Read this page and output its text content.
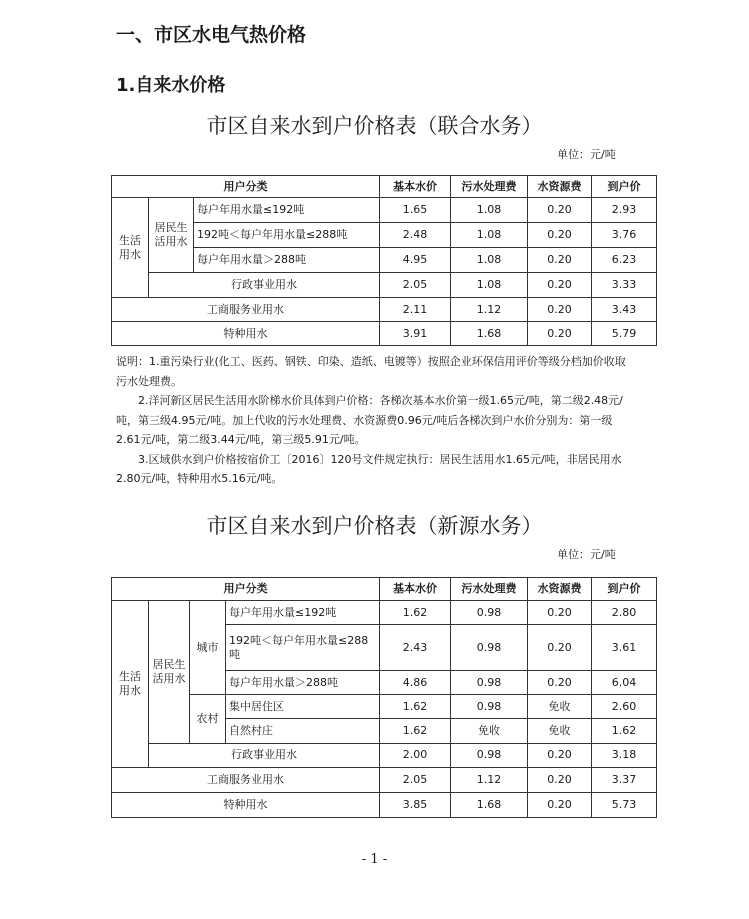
一、市区水电气热价格
1.自来水价格
市区自来水到户价格表（联合水务）
单位：元/吨
用户分类			基本水价	污水处理费	水资源费	到户价
生活用水	居民生活用水	每户年用水量≤192吨	1.65	1.08	0.20	2.93
		192吨＜每户年用水量≤288吨	2.48	1.08	0.20	3.76
		每户年用水量＞288吨	4.95	1.08	0.20	6.23
	行政事业用水		2.05	1.08	0.20	3.33
工商服务业用水			2.11	1.12	0.20	3.43
特种用水			3.91	1.68	0.20	5.79

说明：1.重污染行业(化工、医药、钢铁、印染、造纸、电镀等）按照企业环保信用评价等级分档加价收取污水处理费。

2.洋河新区居民生活用水阶梯水价具体到户价格：各梯次基本水价第一级1.65元/吨，第二级2.48元/吨，第三级4.95元/吨。加上代收的污水处理费、水资源费0.96元/吨后各梯次到户水价分别为：第一级2.61元/吨，第二级3.44元/吨，第三级5.91元/吨。

3.区域供水到户价格按宿价工〔2016〕120号文件规定执行：居民生活用水1.65元/吨，非居民用水2.80元/吨，特种用水5.16元/吨。

市区自来水到户价格表（新源水务）
单位：元/吨
用户分类				基本水价	污水处理费	水资源费	到户价
生活用水	居民生活用水	城市	每户年用水量≤192吨	1.62	0.98	0.20	2.80
			192吨＜每户年用水量≤288吨	2.43	0.98	0.20	3.61
			每户年用水量＞288吨	4.86	0.98	0.20	6.04
		农村	集中居住区	1.62	0.98	免收	2.60
			自然村庄	1.62	免收	免收	1.62
	行政事业用水			2.00	0.98	0.20	3.18
工商服务业用水				2.05	1.12	0.20	3.37
特种用水				3.85	1.68	0.20	5.73
- 1 -
